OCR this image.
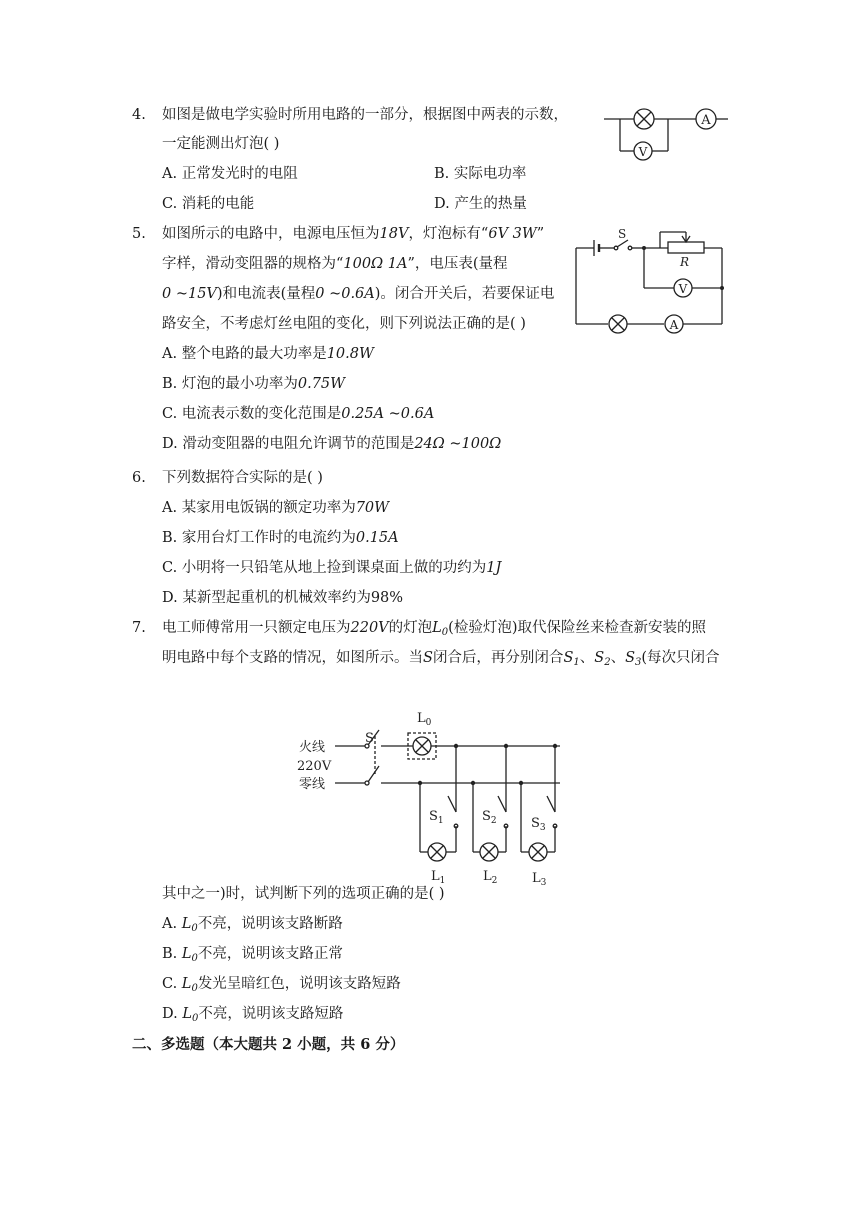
4. 如图是做电学实验时所用电路的一部分，根据图中两表的示数，
一定能测出灯泡( )
A. 正常发光时的电阻	B. 实际电功率
C. 消耗的电能	D. 产生的热量
A
V
5. 如图所示的电路中，电源电压恒为18V，灯泡标有“6V 3W”
字样，滑动变阻器的规格为“100Ω 1A”，电压表(量程
0 ~15V)和电流表(量程0 ~0.6A)。闭合开关后，若要保证电
路安全，不考虑灯丝电阻的变化，则下列说法正确的是( )
A. 整个电路的最大功率是10.8W
B. 灯泡的最小功率为0.75W
C. 电流表示数的变化范围是0.25A ~0.6A
D. 滑动变阻器的电阻允许调节的范围是24Ω ~100Ω
S
R
V
A
6. 下列数据符合实际的是( )
A. 某家用电饭锅的额定功率为70W
B. 家用台灯工作时的电流约为0.15A
C. 小明将一只铅笔从地上捡到课桌面上做的功约为1J
D. 某新型起重机的机械效率约为98%
7. 电工师傅常用一只额定电压为220V的灯泡$L_0$(检验灯泡)取代保险丝来检查新安装的照
明电路中每个支路的情况，如图所示。当S闭合后，再分别闭合$S_1$、$S_2$、$S_3$(每次只闭合
火线
220V
零线
S
$L_0$
$S_1$	$S_2$	$S_3$
$L_1$	$L_2$	$L_3$
其中之一)时，试判断下列的选项正确的是( )
A. $L_0$不亮，说明该支路断路
B. $L_0$不亮，说明该支路正常
C. $L_0$发光呈暗红色，说明该支路短路
D. $L_0$不亮，说明该支路短路
二、多选题（本大题共 2 小题，共 6 分）
